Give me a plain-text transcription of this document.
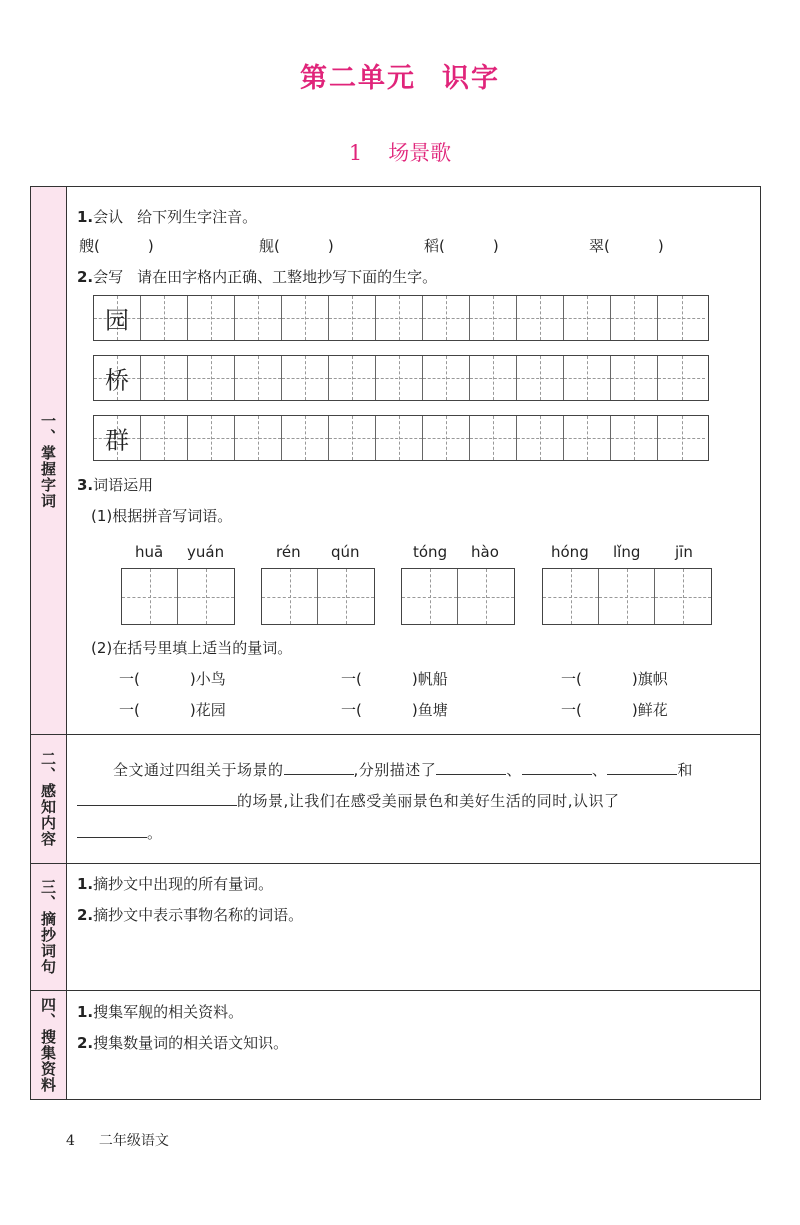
第二单元 识字
1 场景歌
一、掌握字词
1.会认 给下列生字注音。
艘(	)	舰(	)	稻(	)	翠(	)
2.会写 请在田字格内正确、工整地抄写下面的生字。
园
桥
群
3.词语运用
(1)根据拼音写词语。
huā yuán	rén qún	tóng hào	hóng lǐng jīn
(2)在括号里填上适当的量词。
一(	)小鸟	一(	)帆船	一(	)旗帜
一(	)花园	一(	)鱼塘	一(	)鲜花
二、感知内容	全文通过四组关于场景的	,分别描述了	、	、	和
的场景,让我们在感受美丽景色和美好生活的同时,认识了
。
三、摘抄词句 1.摘抄文中出现的所有量词。
2.摘抄文中表示事物名称的词语。
四、搜集资料 1.搜集军舰的相关资料。
2.搜集数量词的相关语文知识。
4 二年级语文
